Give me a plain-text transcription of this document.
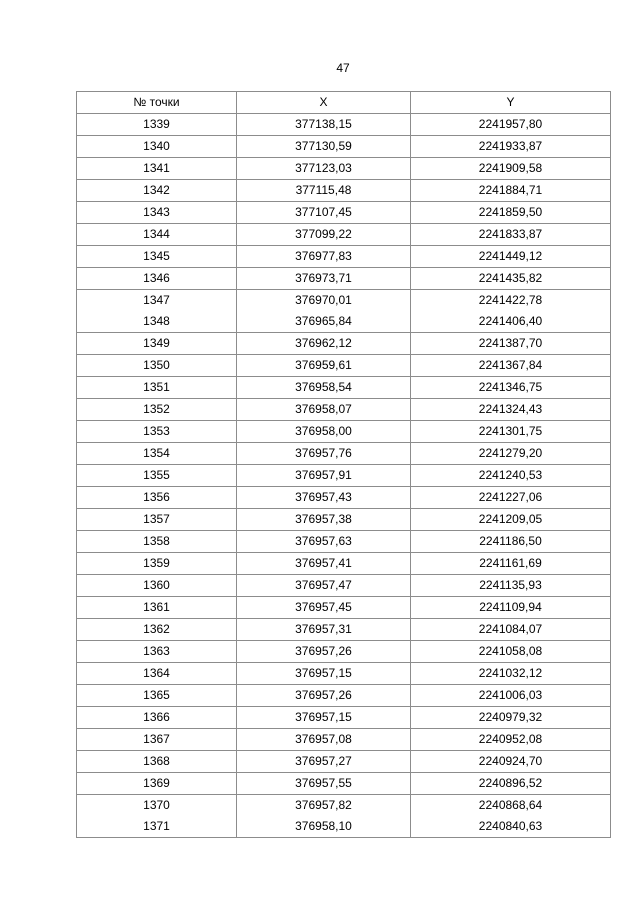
47
№ точки	X	Y
1339	377138,15	2241957,80
1340	377130,59	2241933,87
1341	377123,03	2241909,58
1342	377115,48	2241884,71
1343	377107,45	2241859,50
1344	377099,22	2241833,87
1345	376977,83	2241449,12
1346	376973,71	2241435,82
1347	376970,01	2241422,78
1348	376965,84	2241406,40
1349	376962,12	2241387,70
1350	376959,61	2241367,84
1351	376958,54	2241346,75
1352	376958,07	2241324,43
1353	376958,00	2241301,75
1354	376957,76	2241279,20
1355	376957,91	2241240,53
1356	376957,43	2241227,06
1357	376957,38	2241209,05
1358	376957,63	2241186,50
1359	376957,41	2241161,69
1360	376957,47	2241135,93
1361	376957,45	2241109,94
1362	376957,31	2241084,07
1363	376957,26	2241058,08
1364	376957,15	2241032,12
1365	376957,26	2241006,03
1366	376957,15	2240979,32
1367	376957,08	2240952,08
1368	376957,27	2240924,70
1369	376957,55	2240896,52
1370	376957,82	2240868,64
1371	376958,10	2240840,63
